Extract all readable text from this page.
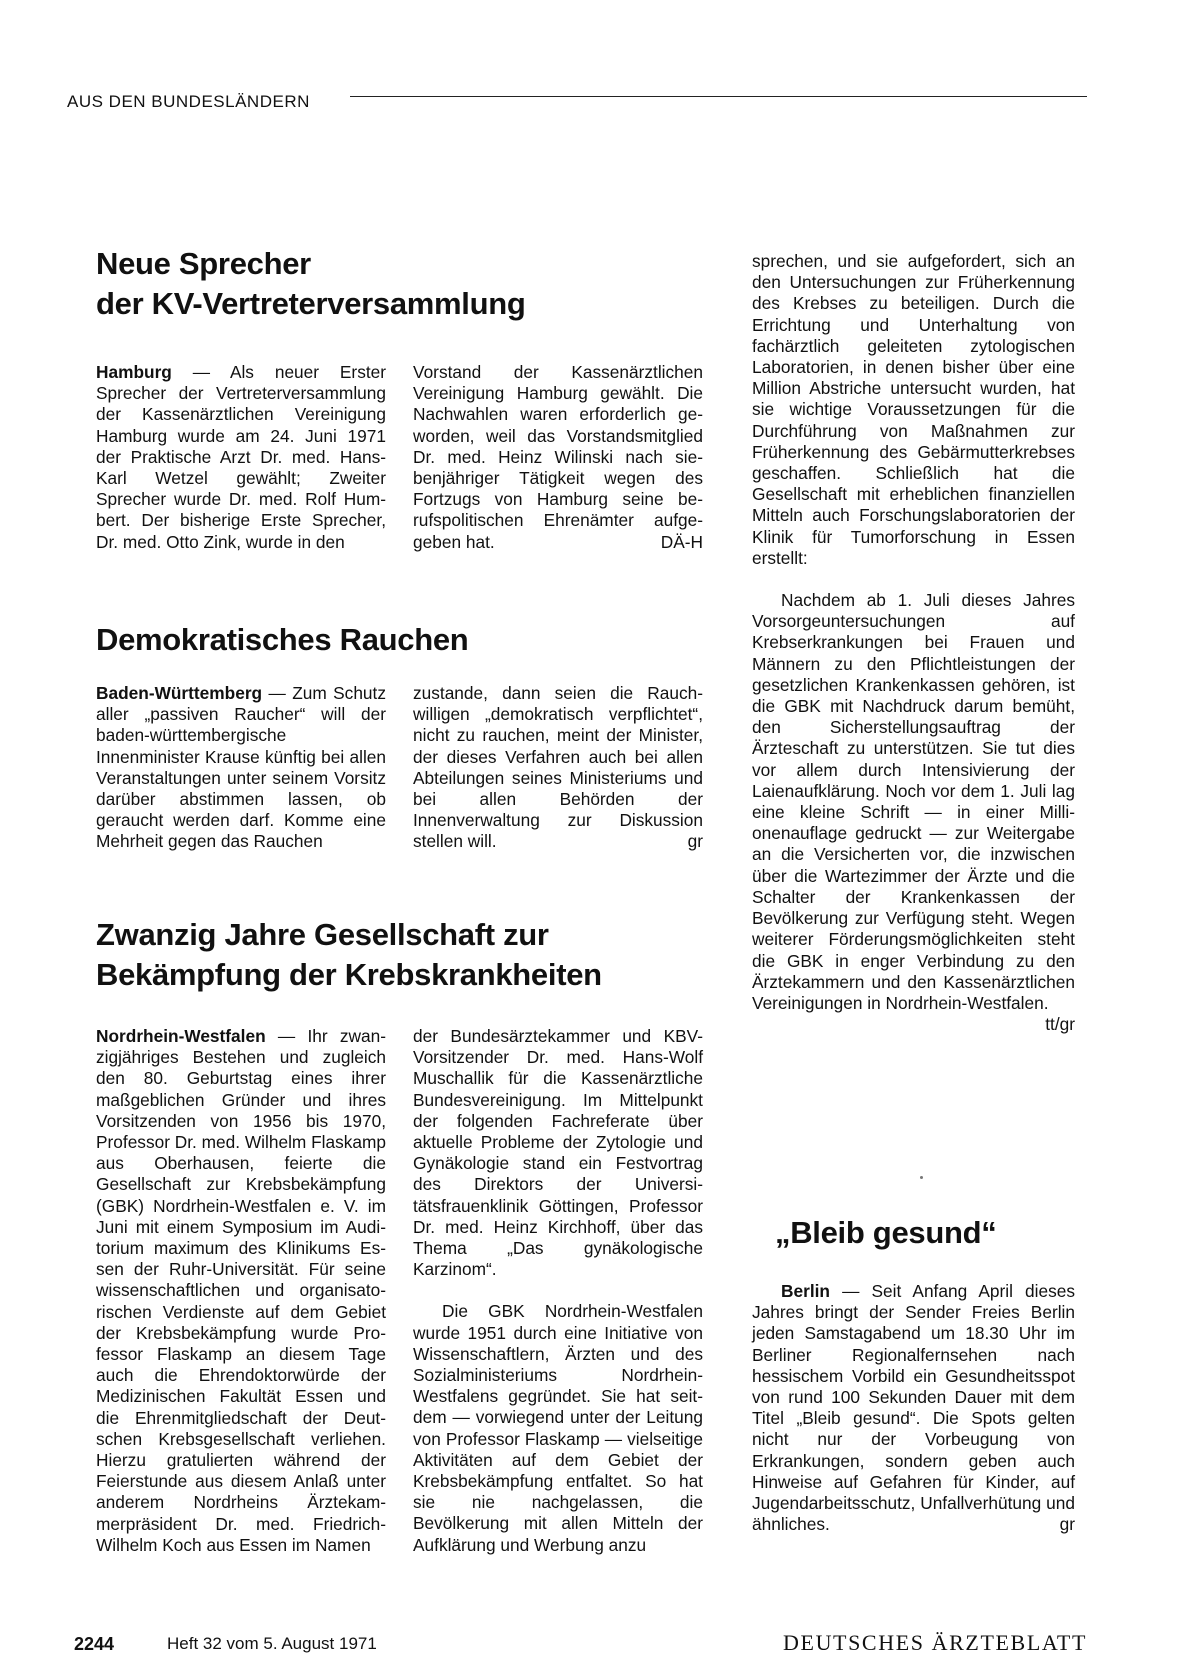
AUS DEN BUNDESLÄNDERN
Neue Sprecher
der KV-Vertreterversammlung

Hamburg — Als neuer Erster Sprecher der Vertreterversammlung der Kassenärztlichen Vereinigung Hamburg wurde am 24. Juni 1971 der Praktische Arzt Dr. med. Hans-Karl Wetzel gewählt; Zweiter Sprecher wurde Dr. med. Rolf Humbert. Der bisherige Erste Sprecher, Dr. med. Otto Zink, wurde in den

Vorstand der Kassenärztlichen Vereinigung Hamburg gewählt. Die Nachwahlen waren erforderlich geworden, weil das Vorstandsmitglied Dr. med. Heinz Wilinski nach siebenjähriger Tätigkeit wegen des Fortzugs von Hamburg seine berufspolitischen Ehrenämter aufgegeben hat.	DÄ-H

Demokratisches Rauchen

Baden-Württemberg — Zum Schutz aller „passiven Raucher“ will der baden-württembergische Innenminister Krause künftig bei allen Veranstaltungen unter seinem Vorsitz darüber abstimmen lassen, ob geraucht werden darf. Komme eine Mehrheit gegen das Rauchen

zustande, dann seien die Rauchwilligen „demokratisch verpflichtet“, nicht zu rauchen, meint der Minister, der dieses Verfahren auch bei allen Abteilungen seines Ministeriums und bei allen Behörden der Innenverwaltung zur Diskussion stellen will.	gr

Zwanzig Jahre Gesellschaft zur
Bekämpfung der Krebskrankheiten

Nordrhein-Westfalen — Ihr zwanzigjähriges Bestehen und zugleich den 80. Geburtstag eines ihrer maßgeblichen Gründer und ihres Vorsitzenden von 1956 bis 1970, Professor Dr. med. Wilhelm Flaskamp aus Oberhausen, feierte die Gesellschaft zur Krebsbekämpfung (GBK) Nordrhein-Westfalen e. V. im Juni mit einem Symposium im Auditorium maximum des Klinikums Essen der Ruhr-Universität. Für seine wissenschaftlichen und organisatorischen Verdienste auf dem Gebiet der Krebsbekämpfung wurde Professor Flaskamp an diesem Tage auch die Ehrendoktorwürde der Medizinischen Fakultät Essen und die Ehrenmitgliedschaft der Deutschen Krebsgesellschaft verliehen. Hierzu gratulierten während der Feierstunde aus diesem Anlaß unter anderem Nordrheins Ärztekammerpräsident Dr. med. Friedrich-Wilhelm Koch aus Essen im Namen

der Bundesärztekammer und KBV-Vorsitzender Dr. med. Hans-Wolf Muschallik für die Kassenärztliche Bundesvereinigung. Im Mittelpunkt der folgenden Fachreferate über aktuelle Probleme der Zytologie und Gynäkologie stand ein Festvortrag des Direktors der Universitätsfrauenklinik Göttingen, Professor Dr. med. Heinz Kirchhoff, über das Thema „Das gynäkologische Karzinom“.

Die GBK Nordrhein-Westfalen wurde 1951 durch eine Initiative von Wissenschaftlern, Ärzten und des Sozialministeriums Nordrhein-Westfalens gegründet. Sie hat seitdem — vorwiegend unter der Leitung von Professor Flaskamp — vielseitige Aktivitäten auf dem Gebiet der Krebsbekämpfung entfaltet. So hat sie nie nachgelassen, die Bevölkerung mit allen Mitteln der Aufklärung und Werbung anzu

sprechen, und sie aufgefordert, sich an den Untersuchungen zur Früherkennung des Krebses zu beteiligen. Durch die Errichtung und Unterhaltung von fachärztlich geleiteten zytologischen Laboratorien, in denen bisher über eine Million Abstriche untersucht wurden, hat sie wichtige Voraussetzungen für die Durchführung von Maßnahmen zur Früherkennung des Gebärmutterkrebses geschaffen. Schließlich hat die Gesellschaft mit erheblichen finanziellen Mitteln auch Forschungslaboratorien der Klinik für Tumorforschung in Essen erstellt:

Nachdem ab 1. Juli dieses Jahres Vorsorgeuntersuchungen auf Krebserkrankungen bei Frauen und Männern zu den Pflichtleistungen der gesetzlichen Krankenkassen gehören, ist die GBK mit Nachdruck darum bemüht, den Sicherstellungsauftrag der Ärzteschaft zu unterstützen. Sie tut dies vor allem durch Intensivierung der Laienaufklärung. Noch vor dem 1. Juli lag eine kleine Schrift — in einer Millionenauflage gedruckt — zur Weitergabe an die Versicherten vor, die inzwischen über die Wartezimmer der Ärzte und die Schalter der Krankenkassen der Bevölkerung zur Verfügung steht. Wegen weiterer Förderungsmöglichkeiten steht die GBK in enger Verbindung zu den Ärztekammern und den Kassenärztlichen Vereinigungen in Nordrhein-Westfalen.
tt/gr

„Bleib gesund“

Berlin — Seit Anfang April dieses Jahres bringt der Sender Freies Berlin jeden Samstagabend um 18.30 Uhr im Berliner Regionalfernsehen nach hessischem Vorbild ein Gesundheitsspot von rund 100 Sekunden Dauer mit dem Titel „Bleib gesund“. Die Spots gelten nicht nur der Vorbeugung von Erkrankungen, sondern geben auch Hinweise auf Gefahren für Kinder, auf Jugendarbeitsschutz, Unfallverhütung und ähnliches.	gr

2244	Heft 32 vom 5. August 1971	DEUTSCHES ÄRZTEBLATT
